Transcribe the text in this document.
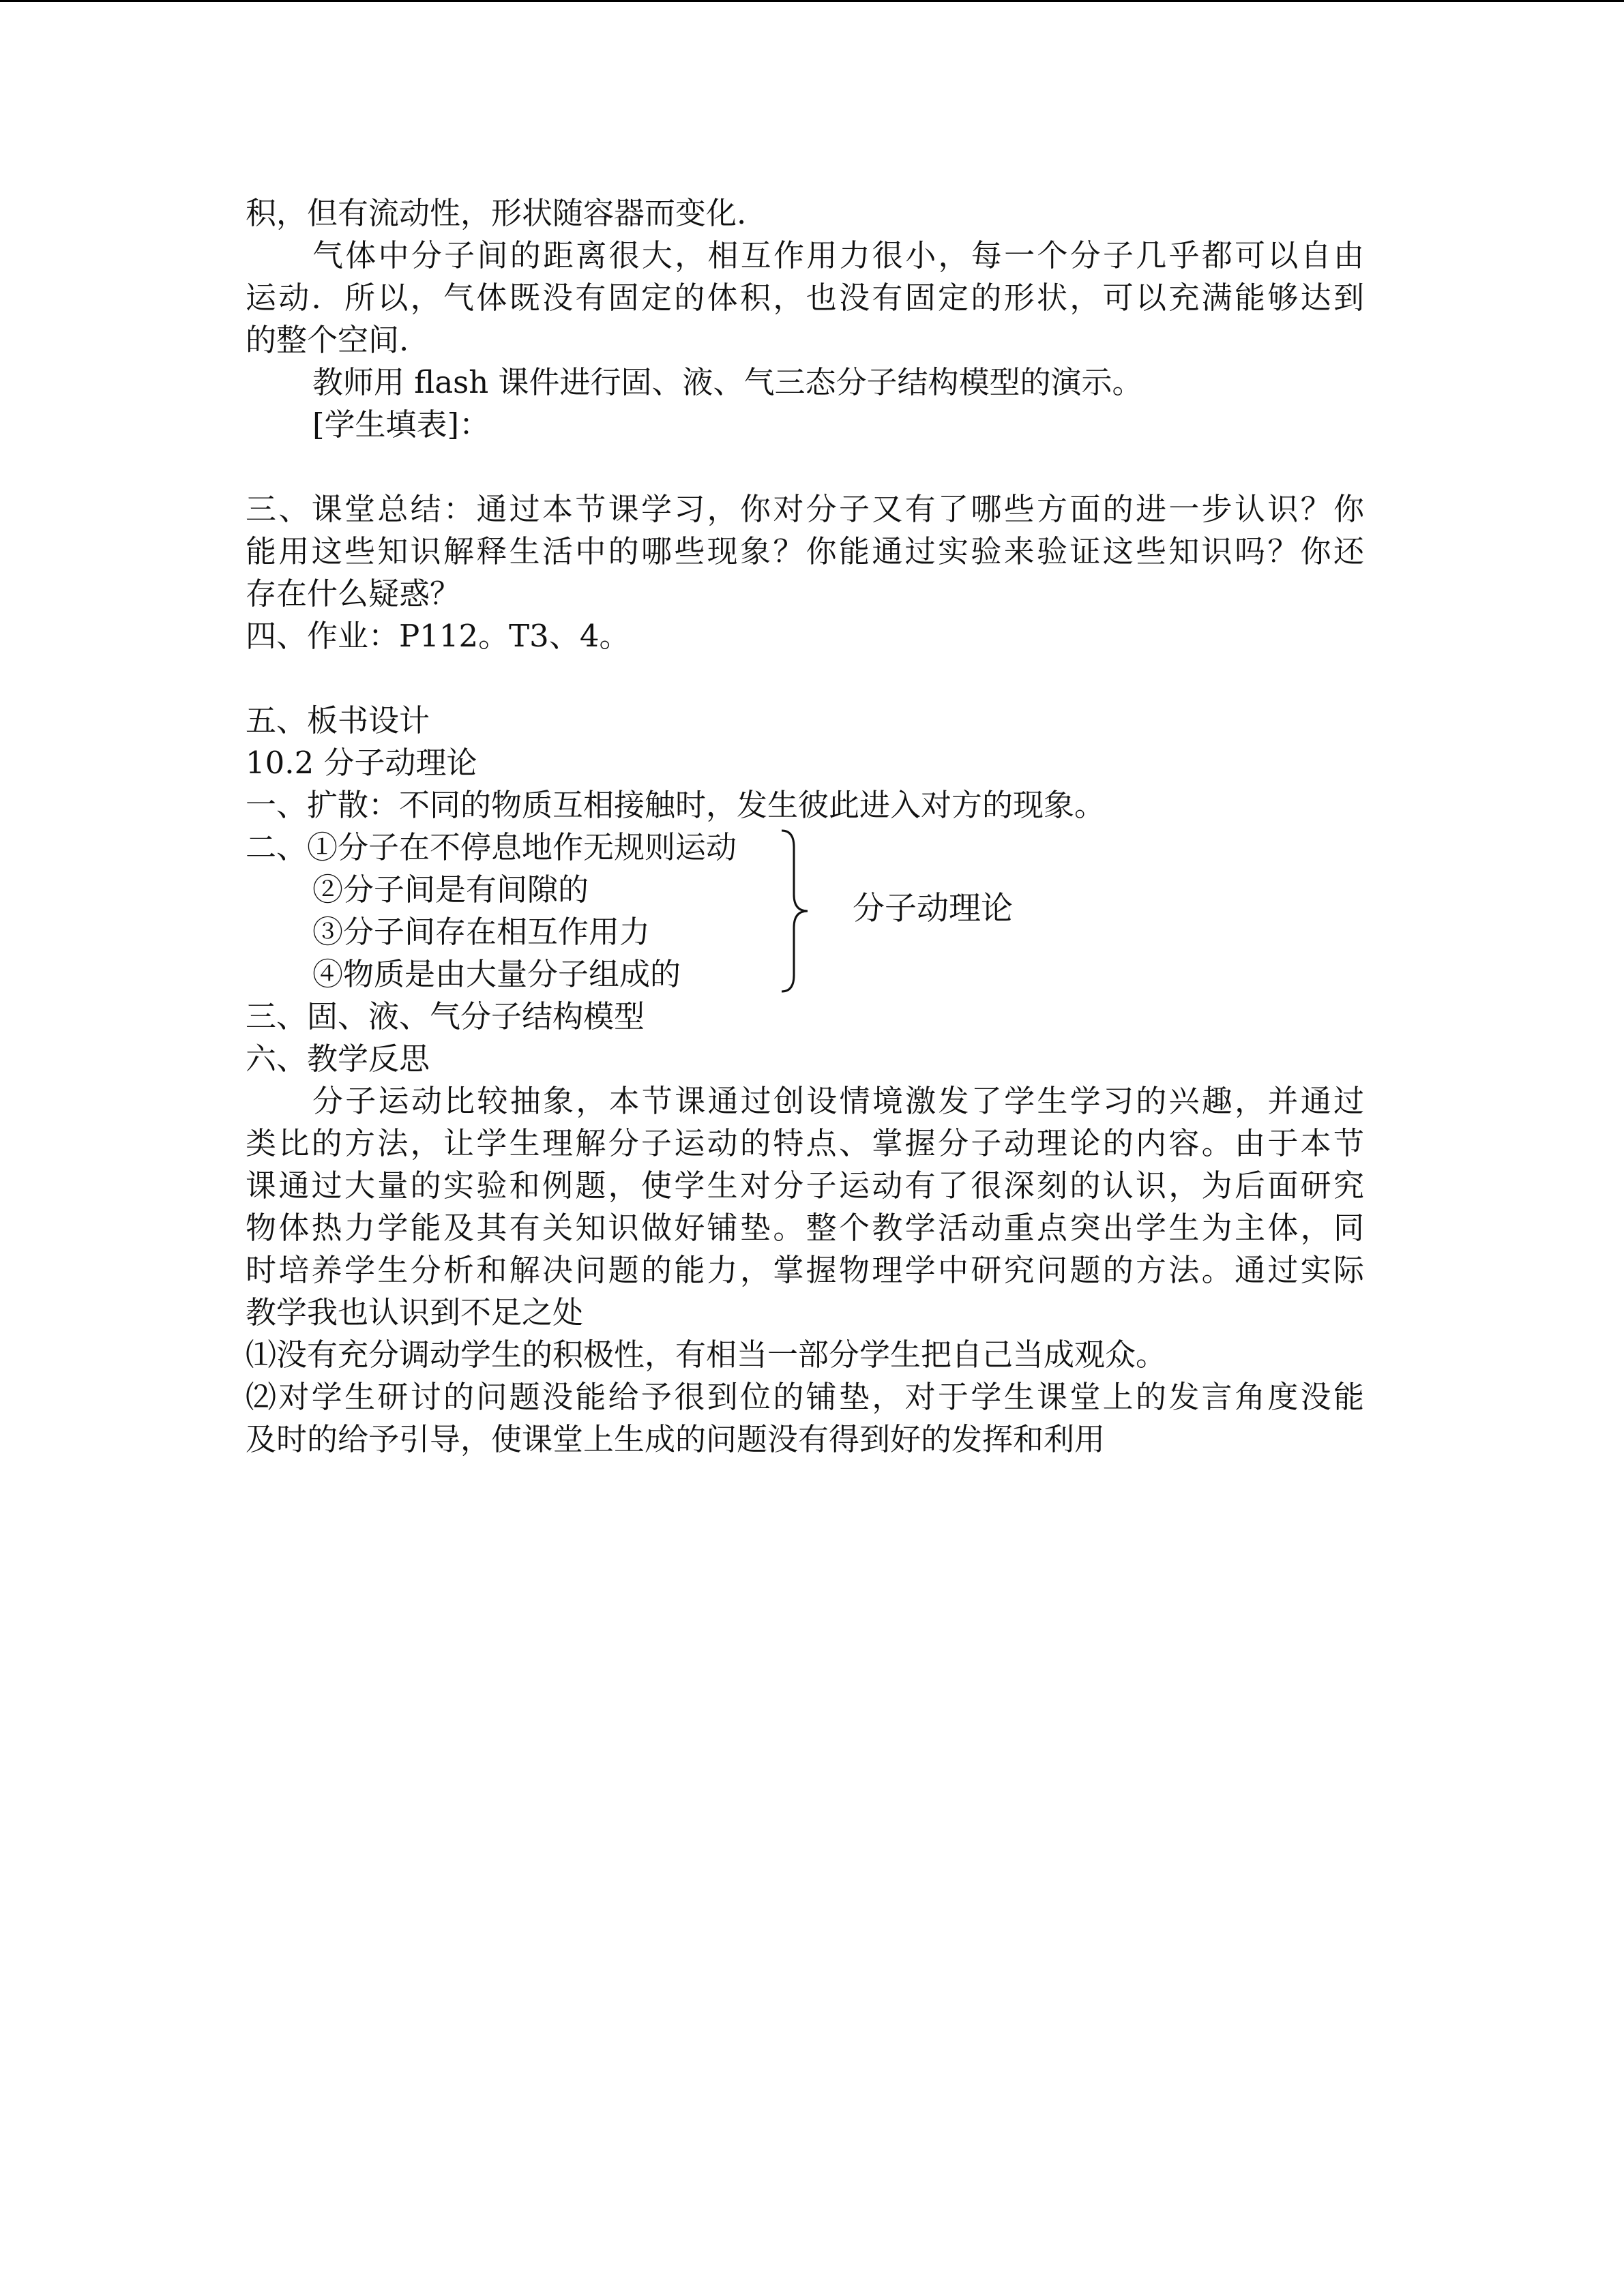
积，但有流动性，形状随容器而变化.
气体中分子间的距离很大，相互作用力很小，每一个分子几乎都可以自由
运动．所以，气体既没有固定的体积，也没有固定的形状，可以充满能够达到
的整个空间.
教师用 flash 课件进行固、液、气三态分子结构模型的演示。
[学生填表]：
三、课堂总结：通过本节课学习，你对分子又有了哪些方面的进一步认识？你
能用这些知识解释生活中的哪些现象？你能通过实验来验证这些知识吗？你还
存在什么疑惑？
四、作业：P112。T3、4。
五、板书设计
10.2 分子动理论
一、扩散：不同的物质互相接触时，发生彼此进入对方的现象。
二、①分子在不停息地作无规则运动
②分子间是有间隙的
③分子间存在相互作用力
④物质是由大量分子组成的
分子动理论
三、固、液、气分子结构模型
六、教学反思
分子运动比较抽象，本节课通过创设情境激发了学生学习的兴趣，并通过
类比的方法，让学生理解分子运动的特点、掌握分子动理论的内容。由于本节
课通过大量的实验和例题，使学生对分子运动有了很深刻的认识，为后面研究
物体热力学能及其有关知识做好铺垫。整个教学活动重点突出学生为主体，同
时培养学生分析和解决问题的能力，掌握物理学中研究问题的方法。通过实际
教学我也认识到不足之处
⑴没有充分调动学生的积极性，有相当一部分学生把自己当成观众。
⑵对学生研讨的问题没能给予很到位的铺垫，对于学生课堂上的发言角度没能
及时的给予引导，使课堂上生成的问题没有得到好的发挥和利用
